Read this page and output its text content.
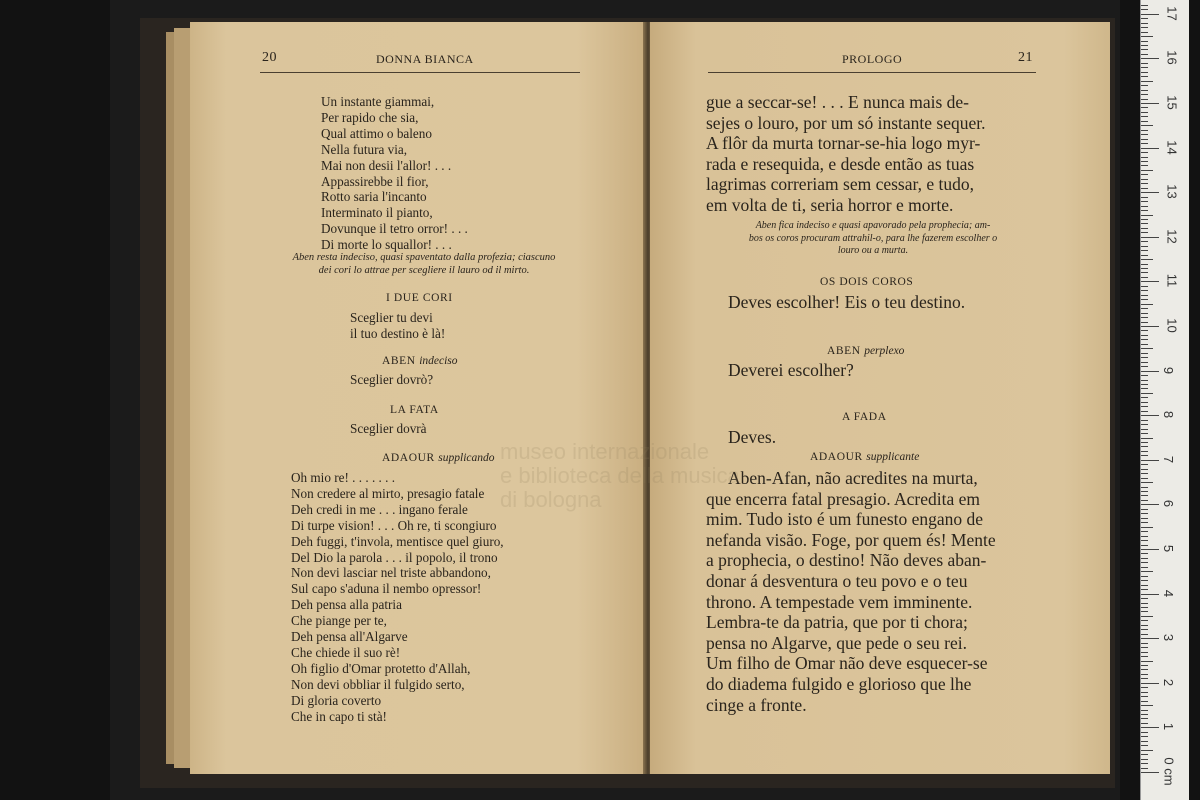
20	DONNA BIANCA
Un instante giammai,
Per rapido che sia,
Qual attimo o baleno
Nella futura via,
Mai non desii l'allor! . . .
Appassirebbe il fior,
Rotto saria l'incanto
Interminato il pianto,
Dovunque il tetro orror! . . .
Di morte lo squallor! . . .
Aben resta indeciso, quasi spaventato dalla profezia; ciascuno
dei cori lo attrae per scegliere il lauro od il mirto.
I DUE CORI
Sceglier tu devi
il tuo destino è là!
ABEN indeciso
Sceglier dovrò?
LA FATA
Sceglier dovrà
ADAOUR supplicando
Oh mio re! . . . . . . .
Non credere al mirto, presagio fatale
Deh credi in me . . . ingano ferale
Di turpe vision! . . . Oh re, ti scongiuro
Deh fuggi, t'invola, mentisce quel giuro,
Del Dio la parola . . . il popolo, il trono
Non devi lasciar nel triste abbandono,
Sul capo s'aduna il nembo opressor!
Deh pensa alla patria
Che piange per te,
Deh pensa all'Algarve
Che chiede il suo rè!
Oh figlio d'Omar protetto d'Allah,
Non devi obbliar il fulgido serto,
Di gloria coverto
Che in capo ti stà!
PROLOGO	21
gue a seccar-se! . . . E nunca mais de-
sejes o louro, por um só instante sequer.
A flôr da murta tornar-se-hia logo myr-
rada e resequida, e desde então as tuas
lagrimas correriam sem cessar, e tudo,
em volta de ti, seria horror e morte.
Aben fica indeciso e quasi apavorado pela prophecia; am-
bos os coros procuram attrahil-o, para lhe fazerem escolher o
louro ou a murta.
OS DOIS COROS
Deves escolher! Eis o teu destino.
ABEN perplexo
Deverei escolher?
A FADA
Deves.
ADAOUR supplicante
Aben-Afan, não acredites na murta,
que encerra fatal presagio. Acredita em
mim. Tudo isto é um funesto engano de
nefanda visão. Foge, por quem és! Mente
a prophecia, o destino! Não deves aban-
donar á desventura o teu povo e o teu
throno. A tempestade vem imminente.
Lembra-te da patria, que por ti chora;
pensa no Algarve, que pede o seu rei.
Um filho de Omar não deve esquecer-se
do diadema fulgido e glorioso que lhe
cinge a fronte.
museo internazionale
e biblioteca della musica
di bologna
0 cm
1
2
3
4
5
6
7
8
9
10
11
12
13
14
15
16
17
